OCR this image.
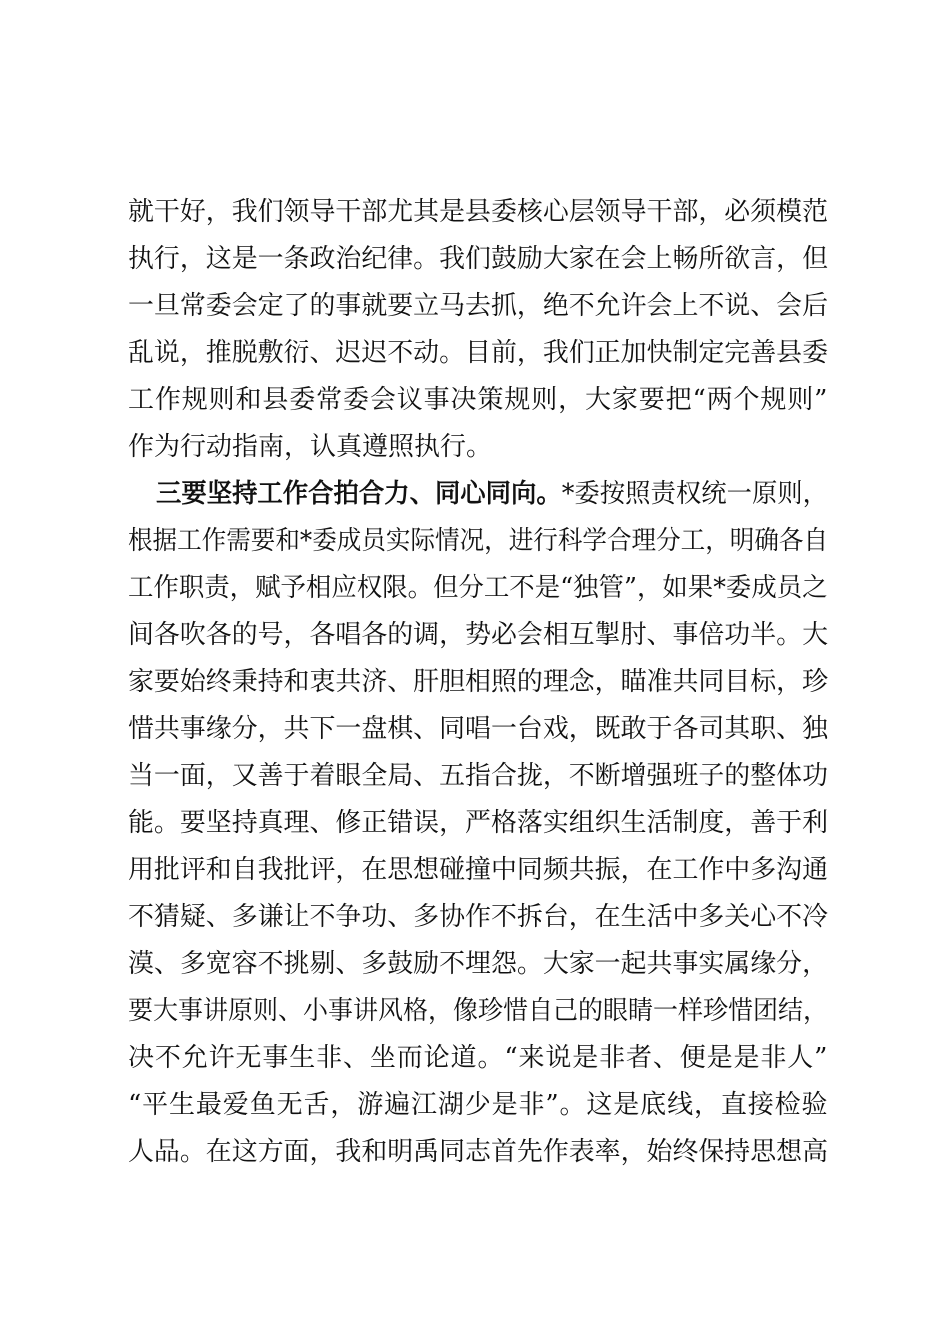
就干好，我们领导干部尤其是县委核心层领导干部，必须模范
执行，这是一条政治纪律。我们鼓励大家在会上畅所欲言，但
一旦常委会定了的事就要立马去抓，绝不允许会上不说、会后
乱说，推脱敷衍、迟迟不动。目前，我们正加快制定完善县委
工作规则和县委常委会议事决策规则，大家要把“两个规则”
作为行动指南，认真遵照执行。
三要坚持工作合拍合力、同心同向。*委按照责权统一原则，
根据工作需要和*委成员实际情况，进行科学合理分工，明确各自
工作职责，赋予相应权限。但分工不是“独管”，如果*委成员之
间各吹各的号，各唱各的调，势必会相互掣肘、事倍功半。大
家要始终秉持和衷共济、肝胆相照的理念，瞄准共同目标，珍
惜共事缘分，共下一盘棋、同唱一台戏，既敢于各司其职、独
当一面，又善于着眼全局、五指合拢，不断增强班子的整体功
能。要坚持真理、修正错误，严格落实组织生活制度，善于利
用批评和自我批评，在思想碰撞中同频共振，在工作中多沟通
不猜疑、多谦让不争功、多协作不拆台，在生活中多关心不冷
漠、多宽容不挑剔、多鼓励不埋怨。大家一起共事实属缘分，
要大事讲原则、小事讲风格，像珍惜自己的眼睛一样珍惜团结，
决不允许无事生非、坐而论道。“来说是非者、便是是非人”
“平生最爱鱼无舌，游遍江湖少是非”。这是底线，直接检验
人品。在这方面，我和明禹同志首先作表率，始终保持思想高
